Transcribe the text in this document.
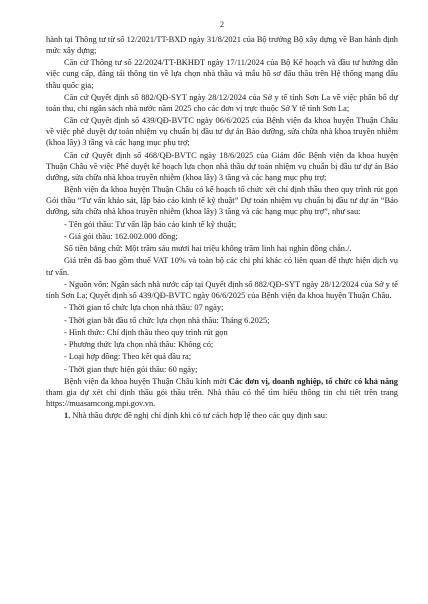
2

hành tại Thông tư từ số 12/2021/TT-BXD ngày 31/8/2021 của Bộ trưởng Bộ xây dựng về Ban hành định mức xây dựng;

Căn cứ Thông tư số 22/2024/TT-BKHĐT ngày 17/11/2024 của Bộ Kế hoạch và đầu tư hướng dẫn việc cung cấp, đăng tải thông tin về lựa chọn nhà thầu và mẫu hồ sơ đấu thầu trên Hệ thống mạng đấu thầu quốc gia;

Căn cứ Quyết định số 882/QĐ-SYT ngày 28/12/2024 của Sở y tế tỉnh Sơn La về việc phân bổ dự toán thu, chi ngân sách nhà nước năm 2025 cho các đơn vị trực thuộc Sở Y tế tỉnh Sơn La;

Căn cứ Quyết định số 439/QĐ-BVTC ngày 06/6/2025 của Bệnh viện đa khoa huyện Thuận Châu về việc phê duyệt dự toán nhiệm vụ chuẩn bị đầu tư dự án Bảo dưỡng, sửa chữa nhà khoa truyền nhiễm (khoa lây) 3 tầng và các hạng mục phụ trợ;

Căn cứ Quyết định số 468/QĐ-BVTC ngày 18/6/2025 của Giám đốc Bệnh viện đa khoa huyện Thuận Châu về việc Phê duyệt kế hoạch lựa chọn nhà thầu dự toán nhiệm vụ chuẩn bị đầu tư dự án Bảo dưỡng, sửa chữa nhà khoa truyền nhiễm (khoa lây) 3 tầng và các hạng mục phụ trợ;

Bệnh viện đa khoa huyện Thuận Châu có kế hoạch tổ chức xét chỉ định thầu theo quy trình rút gọn Gói thầu “Tư vấn khảo sát, lập báo cáo kinh tế kỹ thuật” Dự toán nhiệm vụ chuẩn bị đầu tư dự án “Bảo dưỡng, sửa chữa nhà khoa truyền nhiễm (khoa lây) 3 tầng và các hạng mục phụ trợ”, như sau:

- Tên gói thầu: Tư vấn lập báo cáo kinh tế kỹ thuật;

- Giá gói thầu: 162.002.000 đồng;

Số tiền bằng chữ: Một trăm sáu mươi hai triệu không trăm linh hai nghìn đồng chẵn./.

Giá trên đã bao gồm thuế VAT 10% và toàn bộ các chi phí khác có liên quan để thực hiện dịch vụ tư vấn.

- Nguồn vốn: Ngân sách nhà nước cấp tại Quyết định số 882/QĐ-SYT ngày 28/12/2024 của Sở y tế tỉnh Sơn La; Quyết định số 439/QĐ-BVTC ngày 06/6/2025 của Bệnh viện đa khoa huyện Thuận Châu.

- Thời gian tổ chức lựa chọn nhà thầu: 07 ngày;

- Thời gian bắt đầu tổ chức lựa chọn nhà thầu: Tháng 6.2025;

- Hình thức: Chỉ định thầu theo quy trình rút gọn

- Phương thức lựa chọn nhà thầu: Không có;

- Loại hợp đồng: Theo kết quả đầu ra;

- Thời gian thực hiện gói thầu: 60 ngày;

Bệnh viện đa khoa huyện Thuận Châu kính mời Các đơn vị, doanh nghiệp, tổ chức có khả năng tham gia dự xét chỉ định thầu gói thầu trên. Nhà thầu có thể tìm hiểu thông tin chi tiết trên trang https://muasamcong.mpi.gov.vn.

1. Nhà thầu được đề nghị chỉ định khi có tư cách hợp lệ theo các quy định sau:
